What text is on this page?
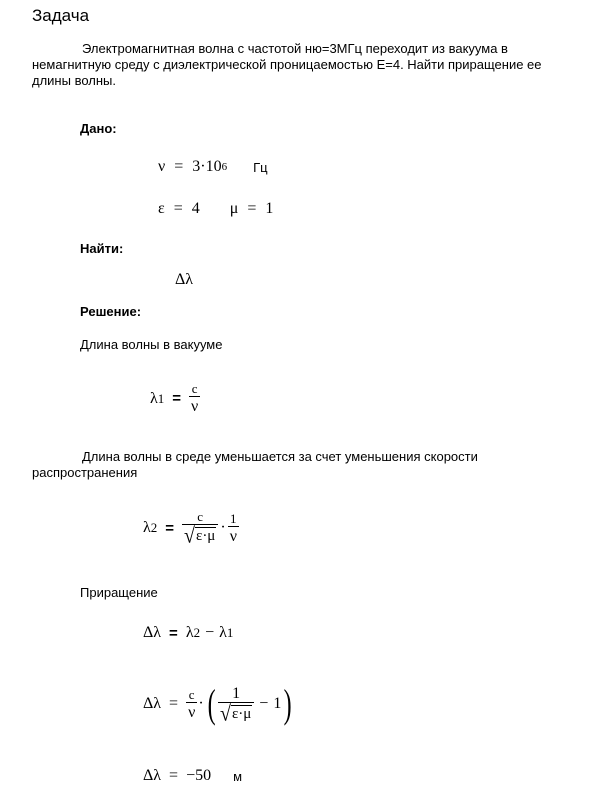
Задача
Электромагнитная волна с частотой ню=3МГц переходит из вакуума в
немагнитную среду с диэлектрической проницаемостью Е=4. Найти приращение ее
длины волны.
Дано:
ν = 3·10 6 Гц
ε = 4 μ = 1
Найти:
Δλ
Решение:
Длина волны в вакууме
λ $1 = \frac{c}{\nu}$
Длина волны в среде уменьшается за счет уменьшения скорости
распространения
λ $2 = \frac{c}{√ \varepsilon\cdot\mu} \cdot \frac{1}{\nu}$
Приращение
Δλ = λ 2 − λ 1
$\Delta\lambda = \frac{c}{\nu}$ · ( $\frac{1}{√ \varepsilon\cdot\mu} - 1$ )
Δλ = −50 м
